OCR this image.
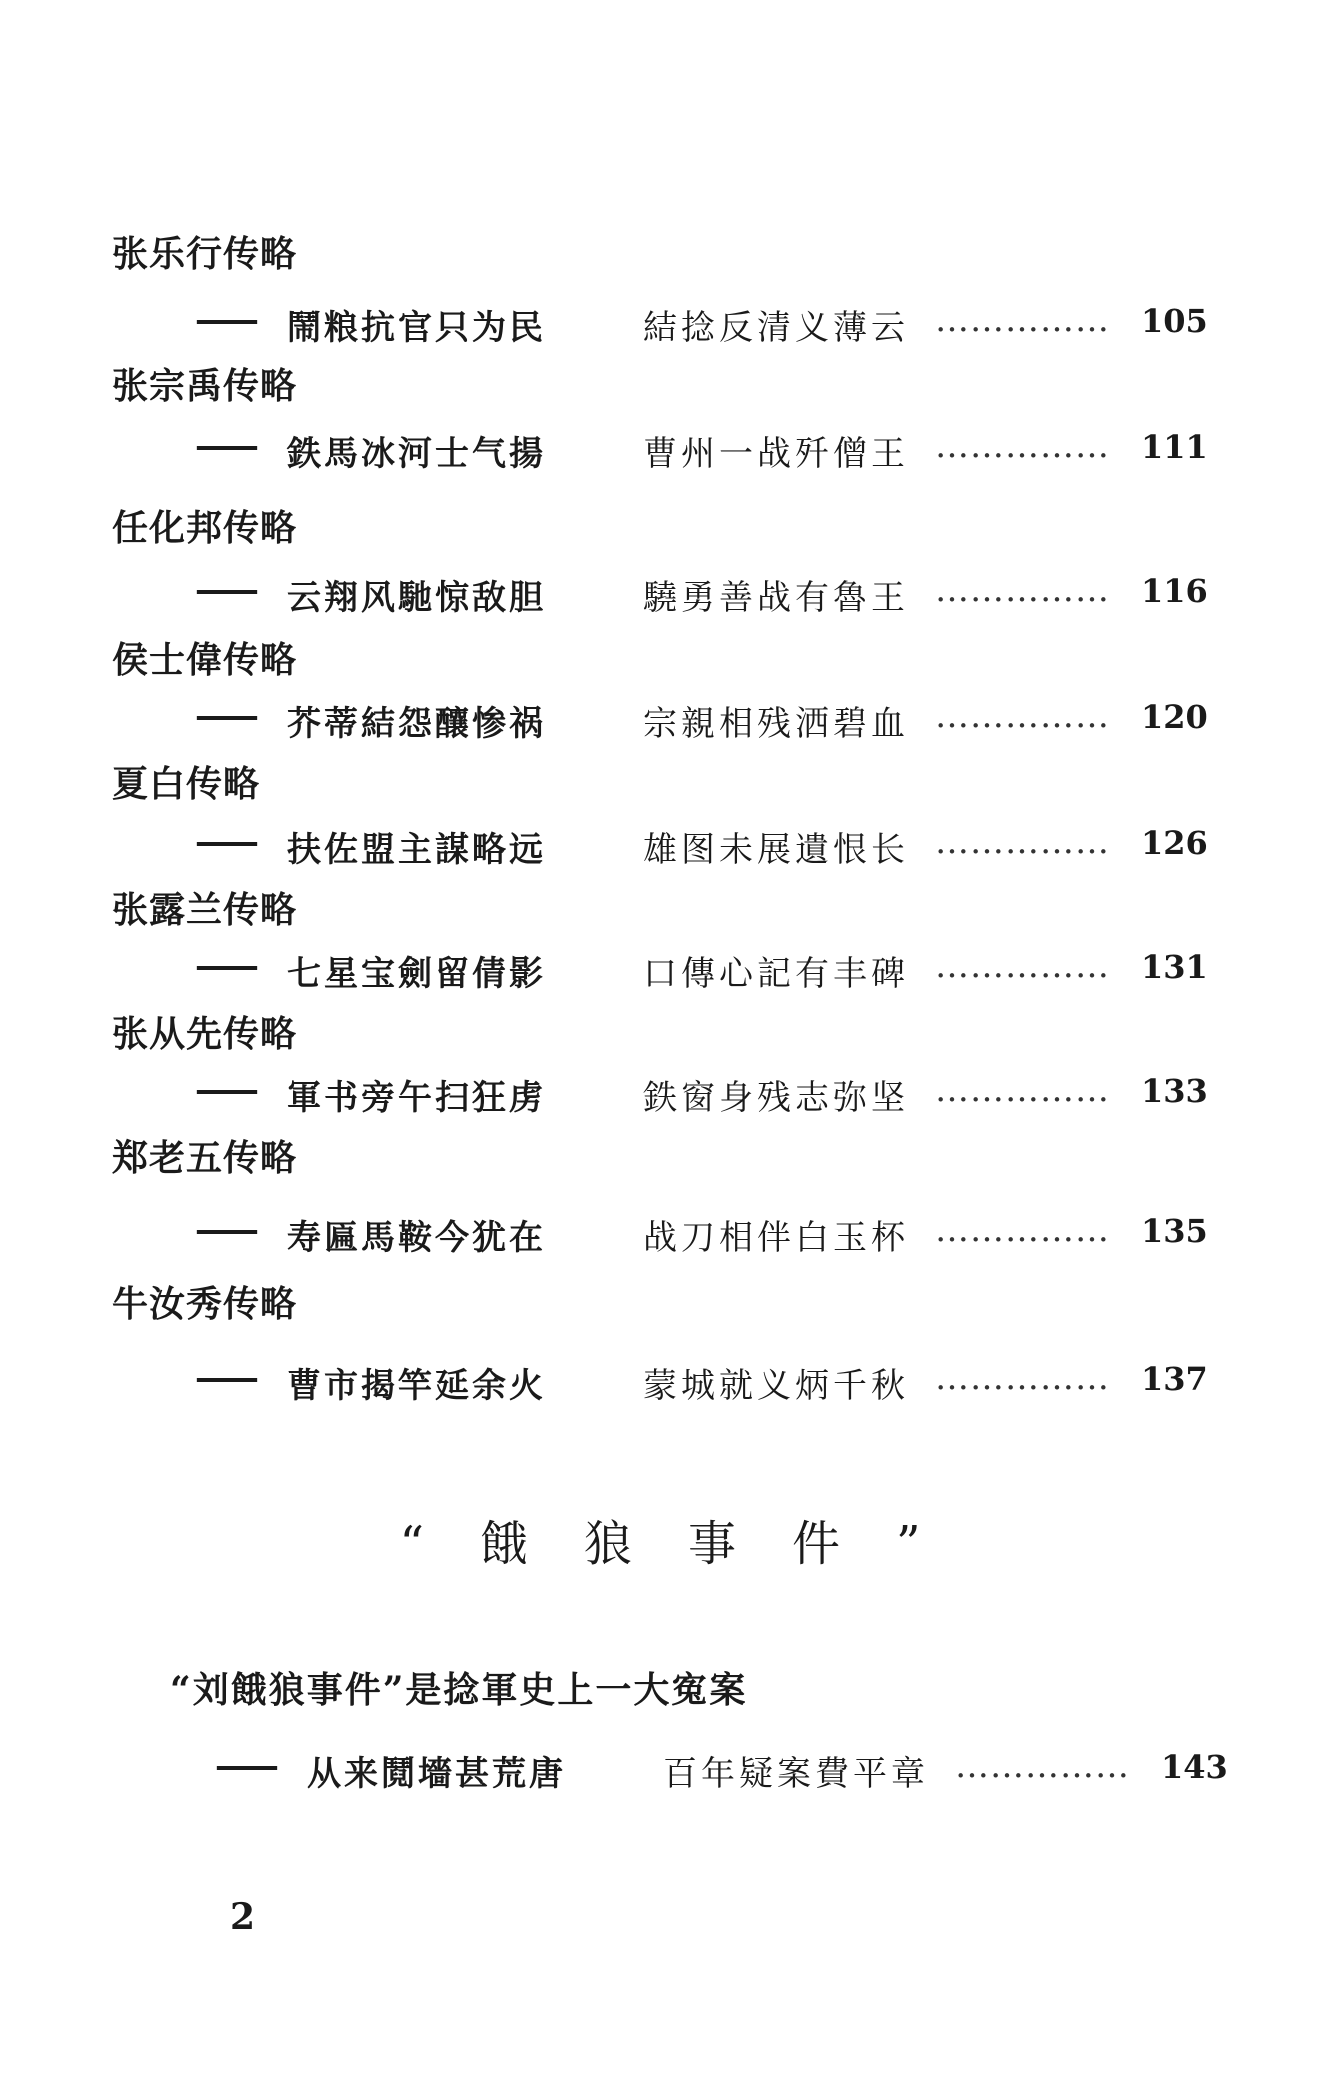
张乐行传略
—— 鬧粮抗官只为民	結捻反清义薄云 …………… 105
张宗禹传略
—— 鉄馬冰河士气揚	曹州一战歼僧王 …………… 111
任化邦传略
—— 云翔风馳惊敌胆	驍勇善战有魯王 …………… 116
侯士偉传略
—— 芥蒂結怨釀惨祸	宗親相残洒碧血 …………… 120
夏白传略
—— 扶佐盟主謀略远	雄图未展遺恨长 …………… 126
张露兰传略
—— 七星宝劍留倩影	口傳心記有丰碑 …………… 131
张从先传略
—— 軍书旁午扫狂虏	鉄窗身残志弥坚 …………… 133
郑老五传略
—— 寿匾馬鞍今犹在	战刀相伴白玉杯 …………… 135
牛汝秀传略
—— 曹市揭竿延余火	蒙城就义炳千秋 …………… 137
“餓狼事件”
“刘餓狼事件”是捻軍史上一大寃案
—— 从来鬩墻甚荒唐	百年疑案費平章 …………… 143
2
